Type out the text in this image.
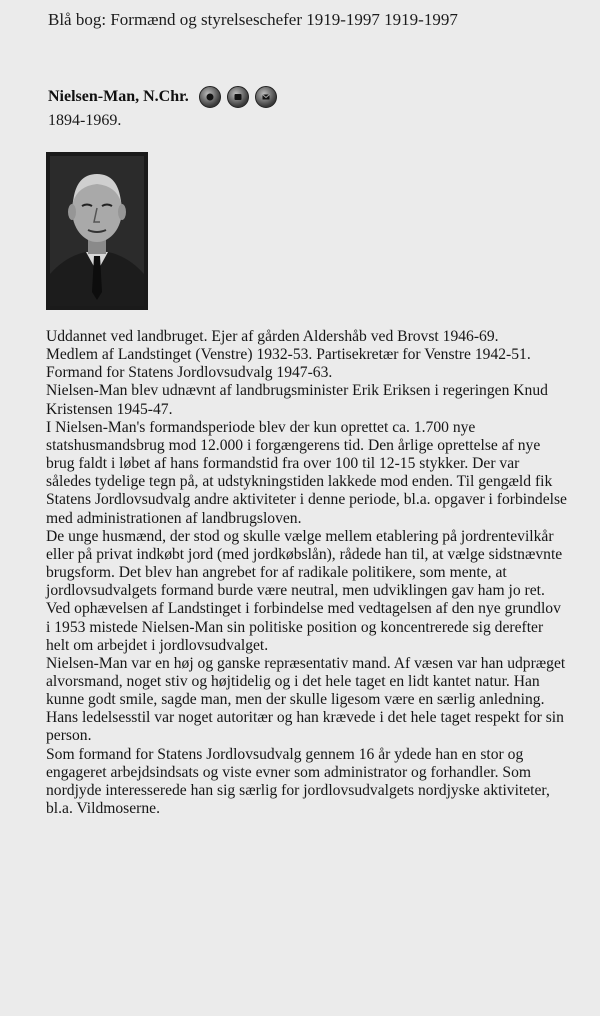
Blå bog: Formænd og styrelseschefer 1919-1997 1919-1997
Nielsen-Man, N.Chr.
1894-1969.

Uddannet ved landbruget. Ejer af gården Aldershåb ved Brovst 1946-69.

Medlem af Landstinget (Venstre) 1932-53. Partisekretær for Venstre 1942-51.

Formand for Statens Jordlovsudvalg 1947-63.

Nielsen-Man blev udnævnt af landbrugsminister Erik Eriksen i regeringen Knud Kristensen 1945-47.

I Nielsen-Man's formandsperiode blev der kun oprettet ca. 1.700 nye statshusmandsbrug mod 12.000 i forgængerens tid. Den årlige oprettelse af nye brug faldt i løbet af hans formandstid fra over 100 til 12-15 stykker. Der var således tydelige tegn på, at udstykningstiden lakkede mod enden. Til gengæld fik Statens Jordlovsudvalg andre aktiviteter i denne periode, bl.a. opgaver i forbindelse med administrationen af landbrugsloven.

De unge husmænd, der stod og skulle vælge mellem etablering på jordrentevilkår eller på privat indkøbt jord (med jordkøbslån), rådede han til, at vælge sidstnævnte brugsform. Det blev han angrebet for af radikale politikere, som mente, at jordlovsudvalgets formand burde være neutral, men udviklingen gav ham jo ret.

Ved ophævelsen af Landstinget i forbindelse med vedtagelsen af den nye grundlov i 1953 mistede Nielsen-Man sin politiske position og koncentrerede sig derefter helt om arbejdet i jordlovsudvalget.

Nielsen-Man var en høj og ganske repræsentativ mand. Af væsen var han udpræget alvorsmand, noget stiv og højtidelig og i det hele taget en lidt kantet natur. Han kunne godt smile, sagde man, men der skulle ligesom være en særlig anledning. Hans ledelsesstil var noget autoritær og han krævede i det hele taget respekt for sin person.

Som formand for Statens Jordlovsudvalg gennem 16 år ydede han en stor og engageret arbejdsindsats og viste evner som administrator og forhandler. Som nordjyde interesserede han sig særlig for jordlovsudvalgets nordjyske aktiviteter, bl.a. Vildmoserne.
